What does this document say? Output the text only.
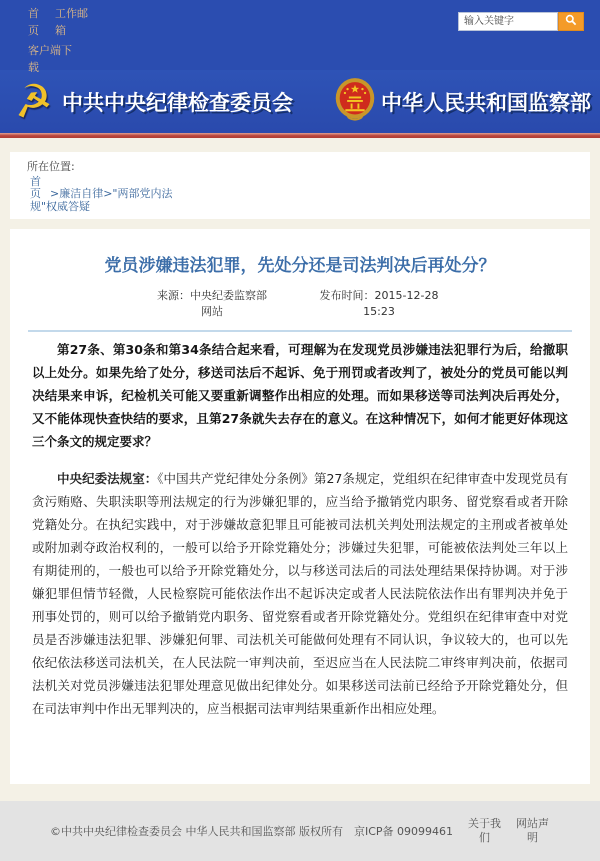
首页
工作邮箱
客户端下载
输入关键字
☭ 中共中央纪律检查委员会	中华人民共和国监察部
所在位置:
首页 >廉洁自律>"两部党内法规"权威答疑
党员涉嫌违法犯罪，先处分还是司法判决后再处分？
来源：中央纪委监察部网站
发布时间：2015-12-28 15:23

第27条、第30条和第34条结合起来看，可理解为在发现党员涉嫌违法犯罪行为后，给撤职以上处分。如果先给了处分，移送司法后不起诉、免于刑罚或者改判了，被处分的党员可能以判决结果来申诉，纪检机关可能又要重新调整作出相应的处理。而如果移送等司法判决后再处分，又不能体现快查快结的要求，且第27条就失去存在的意义。在这种情况下，如何才能更好体现这三个条文的规定要求？

中央纪委法规室：《中国共产党纪律处分条例》第27条规定，党组织在纪律审查中发现党员有贪污贿赂、失职渎职等刑法规定的行为涉嫌犯罪的，应当给予撤销党内职务、留党察看或者开除党籍处分。在执纪实践中，对于涉嫌故意犯罪且可能被司法机关判处刑法规定的主刑或者被单处或附加剥夺政治权利的，一般可以给予开除党籍处分；涉嫌过失犯罪，可能被依法判处三年以上有期徒刑的，一般也可以给予开除党籍处分，以与移送司法后的司法处理结果保持协调。对于涉嫌犯罪但情节轻微，人民检察院可能依法作出不起诉决定或者人民法院依法作出有罪判决并免于刑事处罚的，则可以给予撤销党内职务、留党察看或者开除党籍处分。党组织在纪律审查中对党员是否涉嫌违法犯罪、涉嫌犯何罪、司法机关可能做何处理有不同认识，争议较大的，也可以先依纪依法移送司法机关，在人民法院一审判决前，至迟应当在人民法院二审终审判决前，依据司法机关对党员涉嫌违法犯罪处理意见做出纪律处分。如果移送司法前已经给予开除党籍处分，但在司法审判中作出无罪判决的，应当根据司法审判结果重新作出相应处理。

©中共中央纪律检查委员会 中华人民共和国监察部 版权所有　京ICP备 09099461
关于我们
网站声明
